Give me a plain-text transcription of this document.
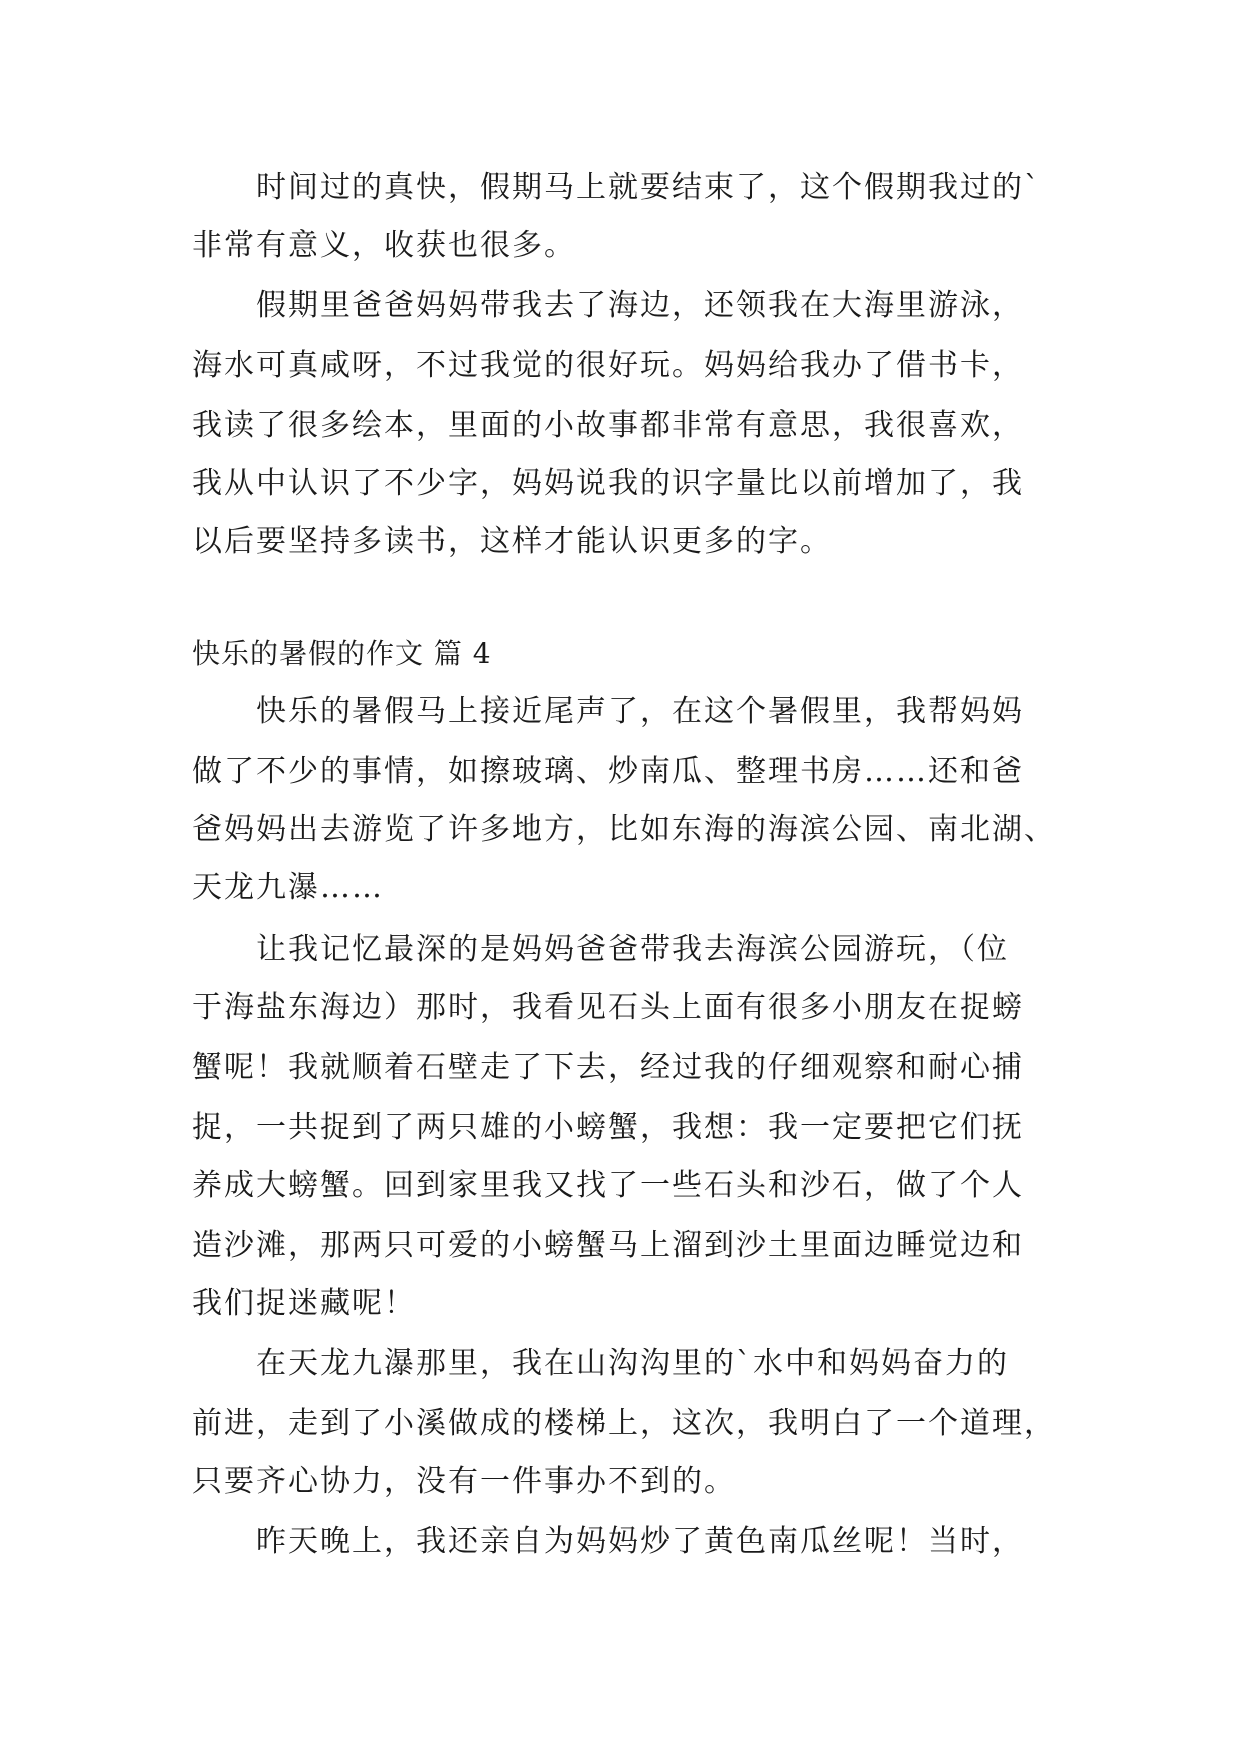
时间过的真快，假期马上就要结束了，这个假期我过的`
非常有意义，收获也很多。
假期里爸爸妈妈带我去了海边，还领我在大海里游泳，
海水可真咸呀，不过我觉的很好玩。妈妈给我办了借书卡，
我读了很多绘本，里面的小故事都非常有意思，我很喜欢，
我从中认识了不少字，妈妈说我的识字量比以前增加了，我
以后要坚持多读书，这样才能认识更多的字。
快乐的暑假的作文 篇 4
快乐的暑假马上接近尾声了，在这个暑假里，我帮妈妈
做了不少的事情，如擦玻璃、炒南瓜、整理书房……还和爸
爸妈妈出去游览了许多地方，比如东海的海滨公园、南北湖、
天龙九瀑……
让我记忆最深的是妈妈爸爸带我去海滨公园游玩，（位
于海盐东海边）那时，我看见石头上面有很多小朋友在捉螃
蟹呢！我就顺着石壁走了下去，经过我的仔细观察和耐心捕
捉，一共捉到了两只雄的小螃蟹，我想：我一定要把它们抚
养成大螃蟹。回到家里我又找了一些石头和沙石，做了个人
造沙滩，那两只可爱的小螃蟹马上溜到沙土里面边睡觉边和
我们捉迷藏呢！
在天龙九瀑那里，我在山沟沟里的`水中和妈妈奋力的
前进，走到了小溪做成的楼梯上，这次，我明白了一个道理，
只要齐心协力，没有一件事办不到的。
昨天晚上，我还亲自为妈妈炒了黄色南瓜丝呢！当时，
